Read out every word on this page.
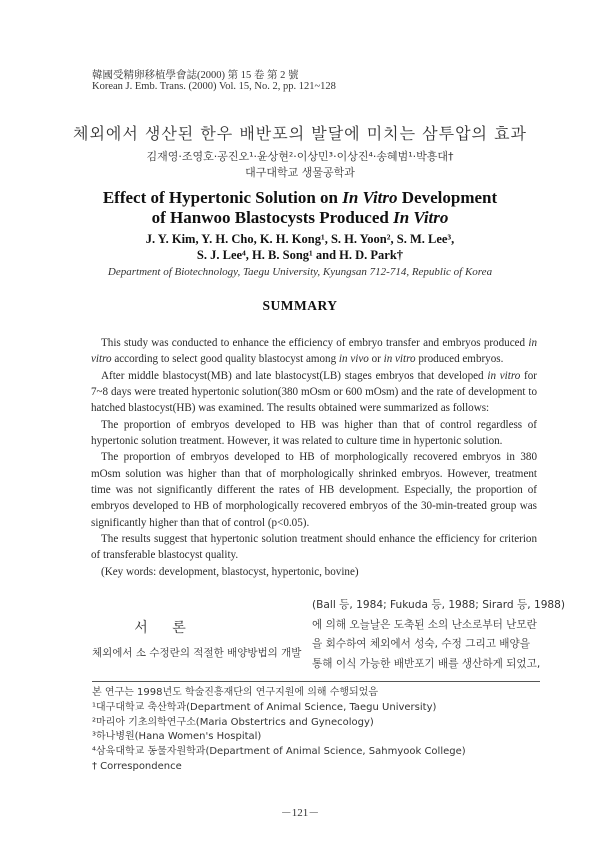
韓國受精卵移植學會誌(2000) 第 15 卷 第 2 號
Korean J. Emb. Trans. (2000) Vol. 15, No. 2, pp. 121~128
체외에서 생산된 한우 배반포의 발달에 미치는 삼투압의 효과
김재영·조영호·공진오¹·윤상현²·이상민³·이상진⁴·송혜범¹·박흥대†
대구대학교 생물공학과
Effect of Hypertonic Solution on In Vitro Development
of Hanwoo Blastocysts Produced In Vitro
J. Y. Kim, Y. H. Cho, K. H. Kong¹, S. H. Yoon², S. M. Lee³,
S. J. Lee⁴, H. B. Song¹ and H. D. Park†
Department of Biotechnology, Taegu University, Kyungsan 712-714, Republic of Korea
SUMMARY

This study was conducted to enhance the efficiency of embryo transfer and embryos produced in vitro according to select good quality blastocyst among in vivo or in vitro produced embryos.

After middle blastocyst(MB) and late blastocyst(LB) stages embryos that developed in vitro for 7~8 days were treated hypertonic solution(380 mOsm or 600 mOsm) and the rate of development to hatched blastocyst(HB) was examined. The results obtained were summarized as follows:

The proportion of embryos developed to HB was higher than that of control regardless of hypertonic solution treatment. However, it was related to culture time in hypertonic solution.

The proportion of embryos developed to HB of morphologically recovered embryos in 380 mOsm solution was higher than that of morphologically shrinked embryos. However, treatment time was not significantly different the rates of HB development. Especially, the proportion of embryos developed to HB of morphologically recovered embryos of the 30-min-treated group was significantly higher than that of control (p<0.05).

The results suggest that hypertonic solution treatment should enhance the efficiency for criterion of transferable blastocyst quality.

(Key words: development, blastocyst, hypertonic, bovine)

서 론
체외에서 소 수정란의 적절한 배양방법의 개발
(Ball 등, 1984; Fukuda 등, 1988; Sirard 등, 1988)
에 의해 오늘날은 도축된 소의 난소로부터 난모란
을 회수하여 체외에서 성숙, 수정 그리고 배양을
통해 이식 가능한 배반포기 배를 생산하게 되었고,
본 연구는 1998년도 학술진흥재단의 연구지원에 의해 수행되었음
¹대구대학교 축산학과(Department of Animal Science, Taegu University)
²마리아 기초의학연구소(Maria Obstertrics and Gynecology)
³하나병원(Hana Women's Hospital)
⁴삼육대학교 동물자원학과(Department of Animal Science, Sahmyook College)
† Correspondence
－121－
